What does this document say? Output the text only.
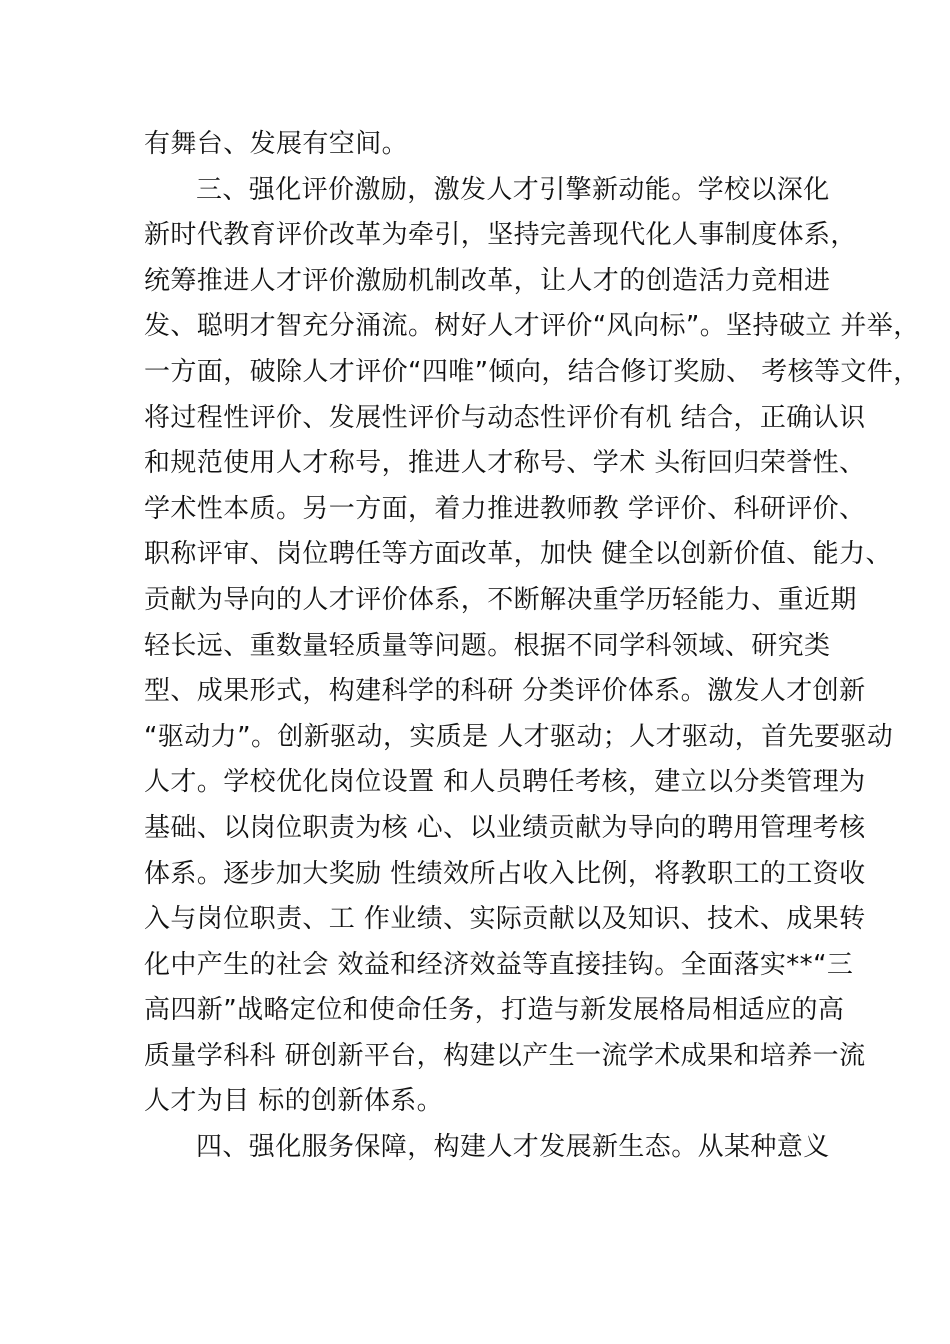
有舞台、发展有空间。
三、强化评价激励，激发人才引擎新动能。学校以深化
新时代教育评价改革为牵引，坚持完善现代化人事制度体系，
统筹推进人才评价激励机制改革，让人才的创造活力竞相进
发、聪明才智充分涌流。树好人才评价“风向标”。坚持破立 并举，
一方面，破除人才评价“四唯”倾向，结合修订奖励、 考核等文件，
将过程性评价、发展性评价与动态性评价有机 结合，正确认识
和规范使用人才称号，推进人才称号、学术 头衔回归荣誉性、
学术性本质。另一方面，着力推进教师教 学评价、科研评价、
职称评审、岗位聘任等方面改革，加快 健全以创新价值、能力、
贡献为导向的人才评价体系，不断解决重学历轻能力、重近期
轻长远、重数量轻质量等问题。根据不同学科领域、研究类
型、成果形式，构建科学的科研 分类评价体系。激发人才创新
“驱动力”。创新驱动，实质是 人才驱动；人才驱动，首先要驱动
人才。学校优化岗位设置 和人员聘任考核，建立以分类管理为
基础、以岗位职责为核 心、以业绩贡献为导向的聘用管理考核
体系。逐步加大奖励 性绩效所占收入比例，将教职工的工资收
入与岗位职责、工 作业绩、实际贡献以及知识、技术、成果转
化中产生的社会 效益和经济效益等直接挂钩。全面落实**“三
高四新”战略定位和使命任务，打造与新发展格局相适应的高
质量学科科 研创新平台，构建以产生一流学术成果和培养一流
人才为目 标的创新体系。
四、强化服务保障，构建人才发展新生态。从某种意义
